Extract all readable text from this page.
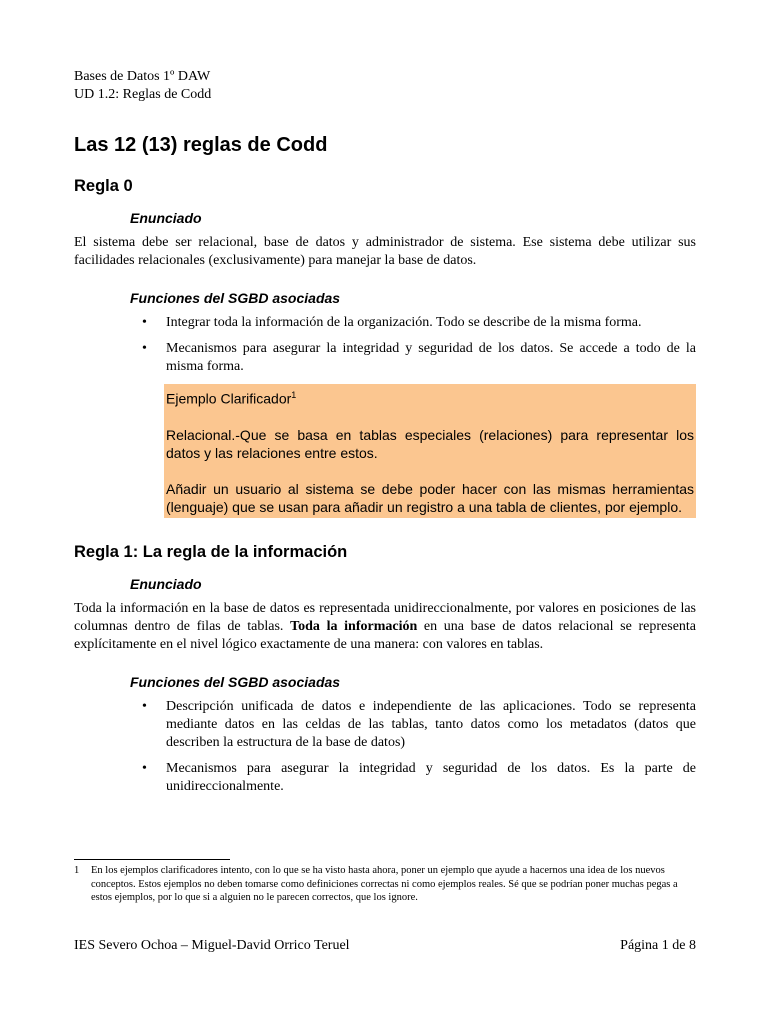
Bases de Datos 1º DAW
UD 1.2: Reglas de Codd
Las 12 (13) reglas de Codd
Regla 0
Enunciado

El sistema debe ser relacional, base de datos y administrador de sistema. Ese sistema debe utilizar sus facilidades relacionales (exclusivamente) para manejar la base de datos.

Funciones del SGBD asociadas
• Integrar toda la información de la organización. Todo se describe de la misma forma.
• Mecanismos para asegurar la integridad y seguridad de los datos. Se accede a todo de la misma forma.

Ejemplo Clarificador$^1$

Relacional.-Que se basa en tablas especiales (relaciones) para representar los datos y las relaciones entre estos.

Añadir un usuario al sistema se debe poder hacer con las mismas herramientas (lenguaje) que se usan para añadir un registro a una tabla de clientes, por ejemplo.

Regla 1: La regla de la información
Enunciado

Toda la información en la base de datos es representada unidireccionalmente, por valores en posiciones de las columnas dentro de filas de tablas. Toda la información en una base de datos relacional se representa explícitamente en el nivel lógico exactamente de una manera: con valores en tablas.

Funciones del SGBD asociadas
• Descripción unificada de datos e independiente de las aplicaciones. Todo se representa mediante datos en las celdas de las tablas, tanto datos como los metadatos (datos que describen la estructura de la base de datos)
• Mecanismos para asegurar la integridad y seguridad de los datos. Es la parte de unidireccionalmente.
1 En los ejemplos clarificadores intento, con lo que se ha visto hasta ahora, poner un ejemplo que ayude a hacernos una idea de los nuevos conceptos. Estos ejemplos no deben tomarse como definiciones correctas ni como ejemplos reales. Sé que se podrían poner muchas pegas a estos ejemplos, por lo que si a alguien no le parecen correctos, que los ignore.
IES Severo Ochoa – Miguel-David Orrico Teruel	Página 1 de 8
